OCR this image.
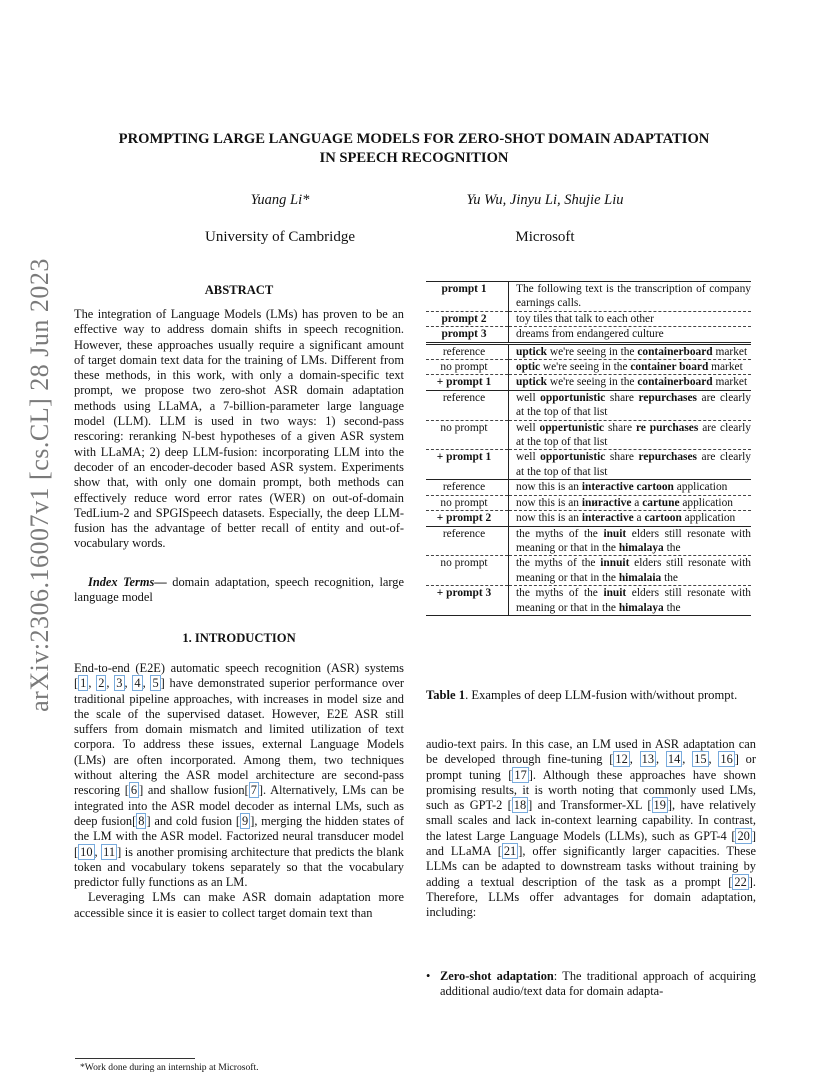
arXiv:2306.16007v1 [cs.CL] 28 Jun 2023
PROMPTING LARGE LANGUAGE MODELS FOR ZERO-SHOT DOMAIN ADAPTATION
IN SPEECH RECOGNITION
Yuang Li*	Yu Wu, Jinyu Li, Shujie Liu
University of Cambridge	Microsoft
ABSTRACT

The integration of Language Models (LMs) has proven to be an effective way to address domain shifts in speech recognition. However, these approaches usually require a significant amount of target domain text data for the training of LMs. Different from these methods, in this work, with only a domain-specific text prompt, we propose two zero-shot ASR domain adaptation methods using LLaMA, a 7-billion-parameter large language model (LLM). LLM is used in two ways: 1) second-pass rescoring: reranking N-best hypotheses of a given ASR system with LLaMA; 2) deep LLM-fusion: incorporating LLM into the decoder of an encoder-decoder based ASR system. Experiments show that, with only one domain prompt, both methods can effectively reduce word error rates (WER) on out-of-domain TedLium-2 and SPGISpeech datasets. Especially, the deep LLM-fusion has the advantage of better recall of entity and out-of-vocabulary words.

Index Terms— domain adaptation, speech recognition, large language model

1. INTRODUCTION

End-to-end (E2E) automatic speech recognition (ASR) systems [ 1 , 2 , 3 , 4 , 5 ] have demonstrated superior performance over traditional pipeline approaches, with increases in model size and the scale of the supervised dataset. However, E2E ASR still suffers from domain mismatch and limited utilization of text corpora. To address these issues, external Language Models (LMs) are often incorporated. Among them, two techniques without altering the ASR model architecture are second-pass rescoring [ 6 ] and shallow fusion[ 7 ]. Alternatively, LMs can be integrated into the ASR model decoder as internal LMs, such as deep fusion[ 8 ] and cold fusion [ 9 ], merging the hidden states of the LM with the ASR model. Factorized neural transducer model [ 10 , 11 ] is another promising architecture that predicts the blank token and vocabulary tokens separately so that the vocabulary predictor fully functions as an LM.

Leveraging LMs can make ASR domain adaptation more accessible since it is easier to collect target domain text than

*Work done during an internship at Microsoft.
prompt 1	The following text is the transcription of company earnings calls.
prompt 2	toy tiles that talk to each other
prompt 3	dreams from endangered culture
reference	uptick we're seeing in the containerboard market
no prompt	optic we're seeing in the container board market
+ prompt 1	uptick we're seeing in the containerboard market
reference	well opportunistic share repurchases are clearly at the top of that list
no prompt	well oppertunistic share re purchases are clearly at the top of that list
+ prompt 1	well opportunistic share repurchases are clearly at the top of that list
reference	now this is an interactive cartoon application
no prompt	now this is an inиractive a cartune application
+ prompt 2	now this is an interactive a cartoon application
reference	the myths of the inuit elders still resonate with meaning or that in the himalaya the
no prompt	the myths of the innuit elders still resonate with meaning or that in the himalaia the
+ prompt 3	the myths of the inuit elders still resonate with meaning or that in the himalaya the
Table 1. Examples of deep LLM-fusion with/without prompt.

audio-text pairs. In this case, an LM used in ASR adaptation can be developed through fine-tuning [ 12 , 13 , 14 , 15 , 16 ] or prompt tuning [ 17 ]. Although these approaches have shown promising results, it is worth noting that commonly used LMs, such as GPT-2 [ 18 ] and Transformer-XL [ 19 ], have relatively small scales and lack in-context learning capability. In contrast, the latest Large Language Models (LLMs), such as GPT-4 [ 20 ] and LLaMA [ 21 ], offer significantly larger capacities. These LLMs can be adapted to downstream tasks without training by adding a textual description of the task as a prompt [ 22 ]. Therefore, LLMs offer advantages for domain adaptation, including:

• Zero-shot adaptation: The traditional approach of acquiring additional audio/text data for domain adapta-
